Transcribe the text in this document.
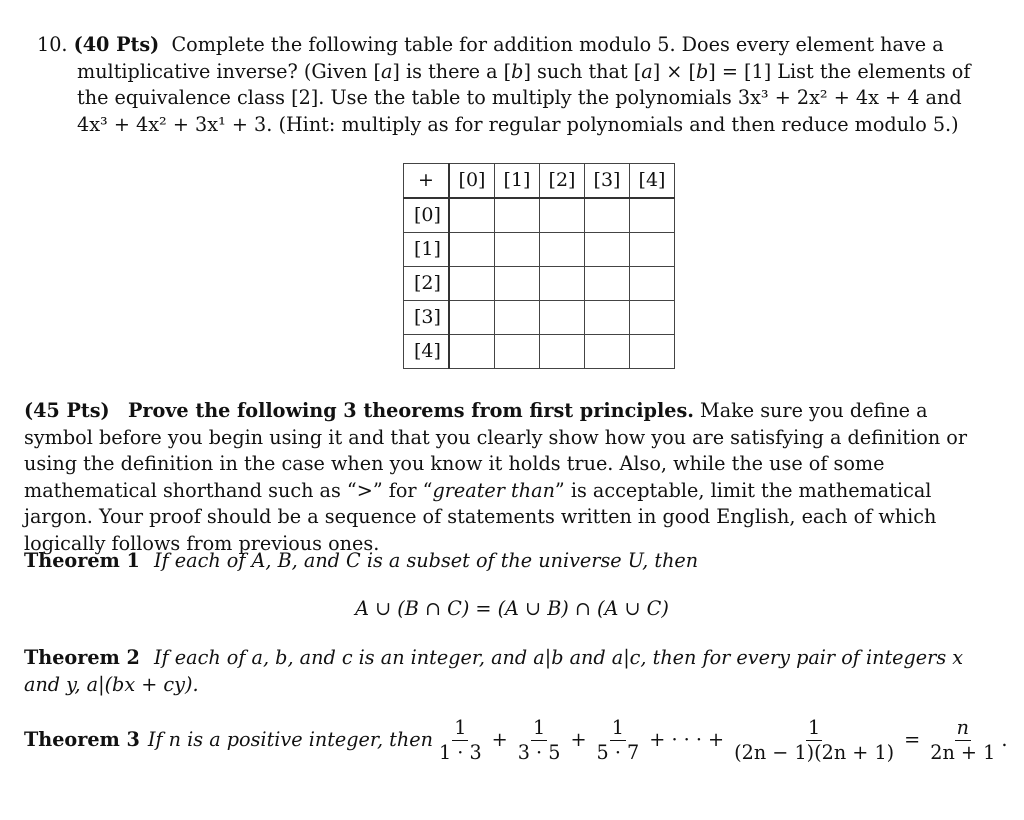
10. (40 Pts) Complete the following table for addition modulo 5. Does every element have a multiplicative inverse? (Given [a] is there a [b] such that [a] × [b] = [1] List the elements of the equivalence class [2]. Use the table to multiply the polynomials 3x³ + 2x² + 4x + 4 and 4x³ + 4x² + 3x¹ + 3. (Hint: multiply as for regular polynomials and then reduce modulo 5.)

+	[0]	[1]	[2]	[3]	[4]
[0]					
[1]					
[2]					
[3]					
[4]					

(45 Pts) Prove the following 3 theorems from first principles. Make sure you define a symbol before you begin using it and that you clearly show how you are satisfying a definition or using the definition in the case when you know it holds true. Also, while the use of some mathematical shorthand such as “>” for “greater than” is acceptable, limit the mathematical jargon. Your proof should be a sequence of statements written in good English, each of which logically follows from previous ones.

Theorem 1 If each of A, B, and C is a subset of the universe U, then
A ∪ (B ∩ C) = (A ∪ B) ∩ (A ∪ C)
Theorem 2 If each of a, b, and c is an integer, and a|b and a|c, then for every pair of integers x and y, a|(bx + cy).
Theorem 3 If n is a positive integer, then $\frac{1}{1 \cdot 3} + \frac{1}{3 \cdot 5} + \frac{1}{5 \cdot 7}$ + · · · + $\frac{1}{(2n - 1)(2n + 1)} = \frac{n}{2n + 1}$ .
